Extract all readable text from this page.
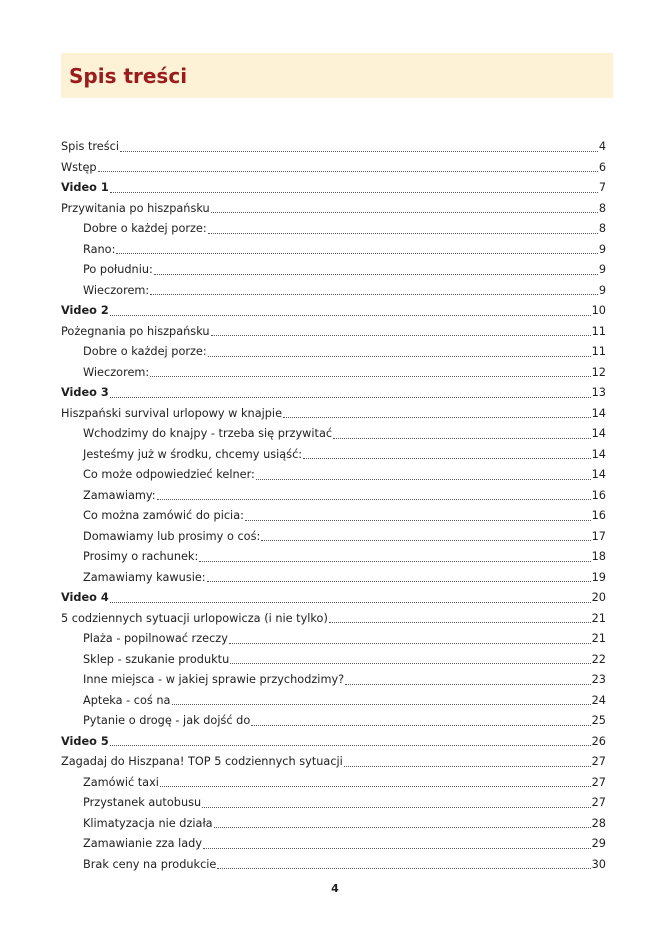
Spis treści
Spis treści	4
Wstęp	6
Video 1	7
Przywitania po hiszpańsku	8
Dobre o każdej porze:	8
Rano:	9
Po południu:	9
Wieczorem:	9
Video 2	10
Pożegnania po hiszpańsku	11
Dobre o każdej porze:	11
Wieczorem:	12
Video 3	13
Hiszpański survival urlopowy w knajpie	14
Wchodzimy do knajpy - trzeba się przywitać	14
Jesteśmy już w środku, chcemy usiąść:	14
Co może odpowiedzieć kelner:	14
Zamawiamy:	16
Co można zamówić do picia:	16
Domawiamy lub prosimy o coś:	17
Prosimy o rachunek:	18
Zamawiamy kawusie:	19
Video 4	20
5 codziennych sytuacji urlopowicza (i nie tylko)	21
Plaża - popilnować rzeczy	21
Sklep - szukanie produktu	22
Inne miejsca - w jakiej sprawie przychodzimy?	23
Apteka - coś na	24
Pytanie o drogę - jak dojść do	25
Video 5	26
Zagadaj do Hiszpana! TOP 5 codziennych sytuacji	27
Zamówić taxi	27
Przystanek autobusu	27
Klimatyzacja nie działa	28
Zamawianie zza lady	29
Brak ceny na produkcie	30
4
